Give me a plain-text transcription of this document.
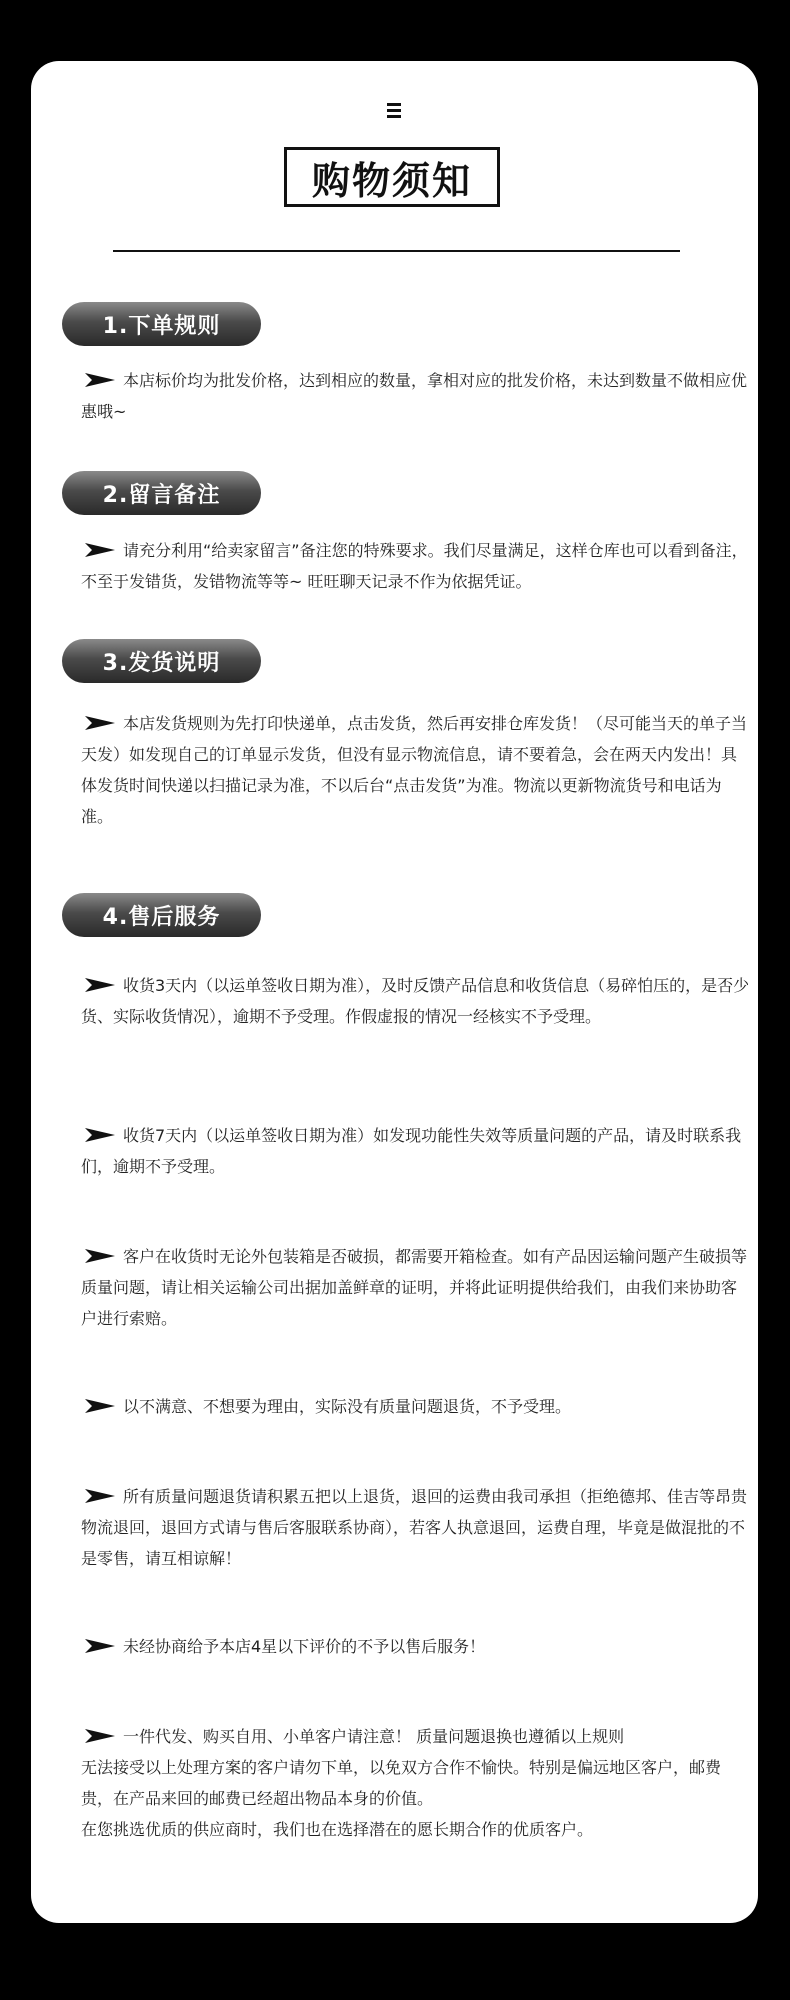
购物须知
1.下单规则
本店标价均为批发价格，达到相应的数量，拿相对应的批发价格，未达到数量不做相应优惠哦~
2.留言备注
请充分利用“给卖家留言”备注您的特殊要求。我们尽量满足，这样仓库也可以看到备注，不至于发错货，发错物流等等~ 旺旺聊天记录不作为依据凭证。
3.发货说明
本店发货规则为先打印快递单，点击发货，然后再安排仓库发货！（尽可能当天的单子当天发）如发现自己的订单显示发货，但没有显示物流信息，请不要着急，会在两天内发出！具体发货时间快递以扫描记录为准，不以后台“点击发货”为准。物流以更新物流货号和电话为准。
4.售后服务
收货3天内（以运单签收日期为准），及时反馈产品信息和收货信息（易碎怕压的，是否少货、实际收货情况），逾期不予受理。作假虚报的情况一经核实不予受理。
收货7天内（以运单签收日期为准）如发现功能性失效等质量问题的产品，请及时联系我们，逾期不予受理。
客户在收货时无论外包装箱是否破损，都需要开箱检查。如有产品因运输问题产生破损等质量问题，请让相关运输公司出据加盖鲜章的证明，并将此证明提供给我们，由我们来协助客户进行索赔。
以不满意、不想要为理由，实际没有质量问题退货，不予受理。
所有质量问题退货请积累五把以上退货，退回的运费由我司承担（拒绝德邦、佳吉等昂贵物流退回，退回方式请与售后客服联系协商），若客人执意退回，运费自理，毕竟是做混批的不是零售，请互相谅解！
未经协商给予本店4星以下评价的不予以售后服务！

一件代发、购买自用、小单客户请注意！ 质量问题退换也遵循以上规则

无法接受以上处理方案的客户请勿下单，以免双方合作不愉快。特别是偏远地区客户，邮费贵，在产品来回的邮费已经超出物品本身的价值。

在您挑选优质的供应商时，我们也在选择潜在的愿长期合作的优质客户。
